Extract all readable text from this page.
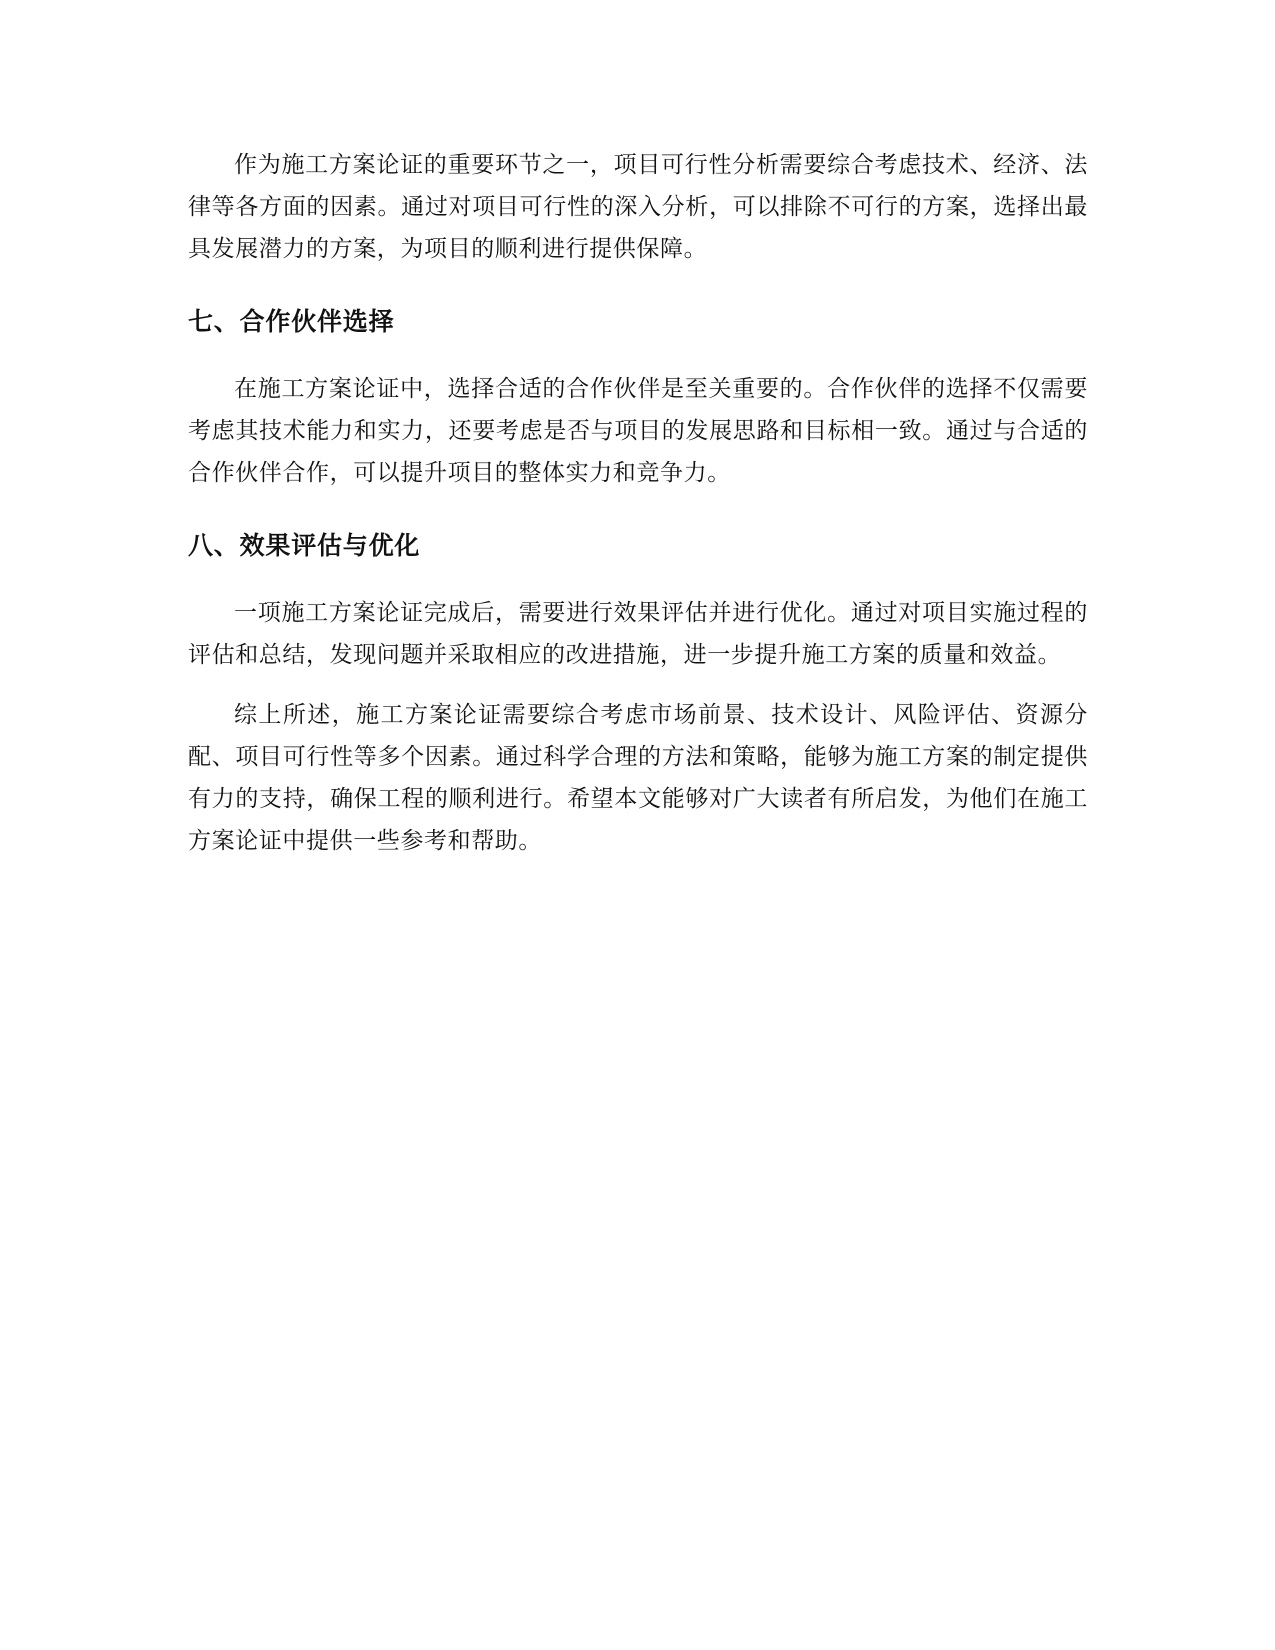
作为施工方案论证的重要环节之一，项目可行性分析需要综合考虑技术、经济、法律等各方面的因素。通过对项目可行性的深入分析，可以排除不可行的方案，选择出最具发展潜力的方案，为项目的顺利进行提供保障。

七、合作伙伴选择

在施工方案论证中，选择合适的合作伙伴是至关重要的。合作伙伴的选择不仅需要考虑其技术能力和实力，还要考虑是否与项目的发展思路和目标相一致。通过与合适的合作伙伴合作，可以提升项目的整体实力和竞争力。

八、效果评估与优化

一项施工方案论证完成后，需要进行效果评估并进行优化。通过对项目实施过程的评估和总结，发现问题并采取相应的改进措施，进一步提升施工方案的质量和效益。

综上所述，施工方案论证需要综合考虑市场前景、技术设计、风险评估、资源分配、项目可行性等多个因素。通过科学合理的方法和策略，能够为施工方案的制定提供有力的支持，确保工程的顺利进行。希望本文能够对广大读者有所启发，为他们在施工方案论证中提供一些参考和帮助。
